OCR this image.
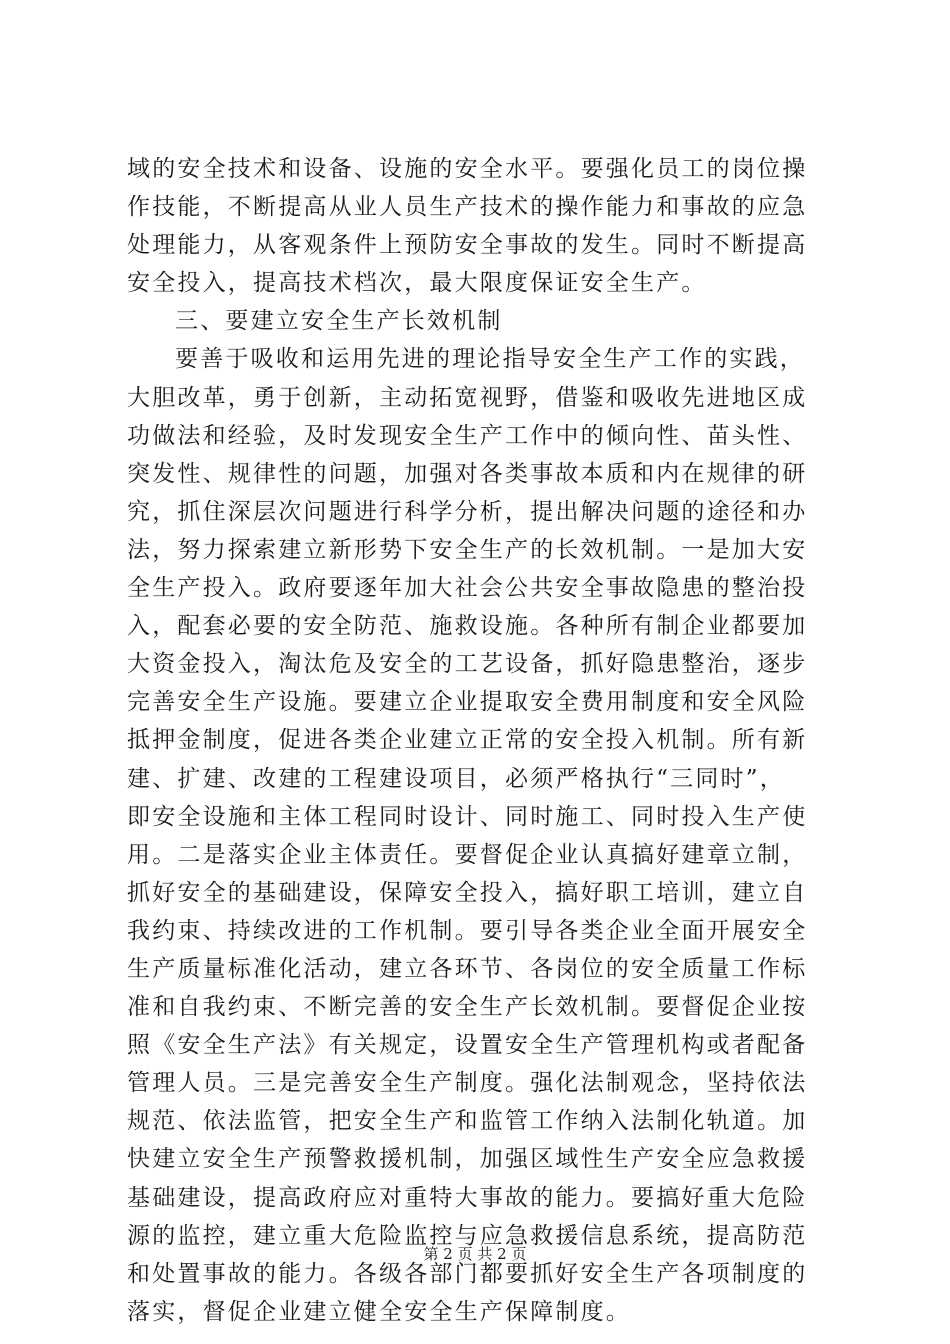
域的安全技术和设备、设施的安全水平。要强化员工的岗位操
作技能，不断提高从业人员生产技术的操作能力和事故的应急
处理能力，从客观条件上预防安全事故的发生。同时不断提高
安全投入，提高技术档次，最大限度保证安全生产。
三、要建立安全生产长效机制
要善于吸收和运用先进的理论指导安全生产工作的实践，
大胆改革，勇于创新，主动拓宽视野，借鉴和吸收先进地区成
功做法和经验，及时发现安全生产工作中的倾向性、苗头性、
突发性、规律性的问题，加强对各类事故本质和内在规律的研
究，抓住深层次问题进行科学分析，提出解决问题的途径和办
法，努力探索建立新形势下安全生产的长效机制。一是加大安
全生产投入。政府要逐年加大社会公共安全事故隐患的整治投
入，配套必要的安全防范、施救设施。各种所有制企业都要加
大资金投入，淘汰危及安全的工艺设备，抓好隐患整治，逐步
完善安全生产设施。要建立企业提取安全费用制度和安全风险
抵押金制度，促进各类企业建立正常的安全投入机制。所有新
建、扩建、改建的工程建设项目，必须严格执行“三同时”，
即安全设施和主体工程同时设计、同时施工、同时投入生产使
用。二是落实企业主体责任。要督促企业认真搞好建章立制，
抓好安全的基础建设，保障安全投入，搞好职工培训，建立自
我约束、持续改进的工作机制。要引导各类企业全面开展安全
生产质量标准化活动，建立各环节、各岗位的安全质量工作标
准和自我约束、不断完善的安全生产长效机制。要督促企业按
照《安全生产法》有关规定，设置安全生产管理机构或者配备
管理人员。三是完善安全生产制度。强化法制观念，坚持依法
规范、依法监管，把安全生产和监管工作纳入法制化轨道。加
快建立安全生产预警救援机制，加强区域性生产安全应急救援
基础建设，提高政府应对重特大事故的能力。要搞好重大危险
源的监控，建立重大危险监控与应急救援信息系统，提高防范
和处置事故的能力。各级各部门都要抓好安全生产各项制度的
落实，督促企业建立健全安全生产保障制度。
第 2 页 共 2 页
